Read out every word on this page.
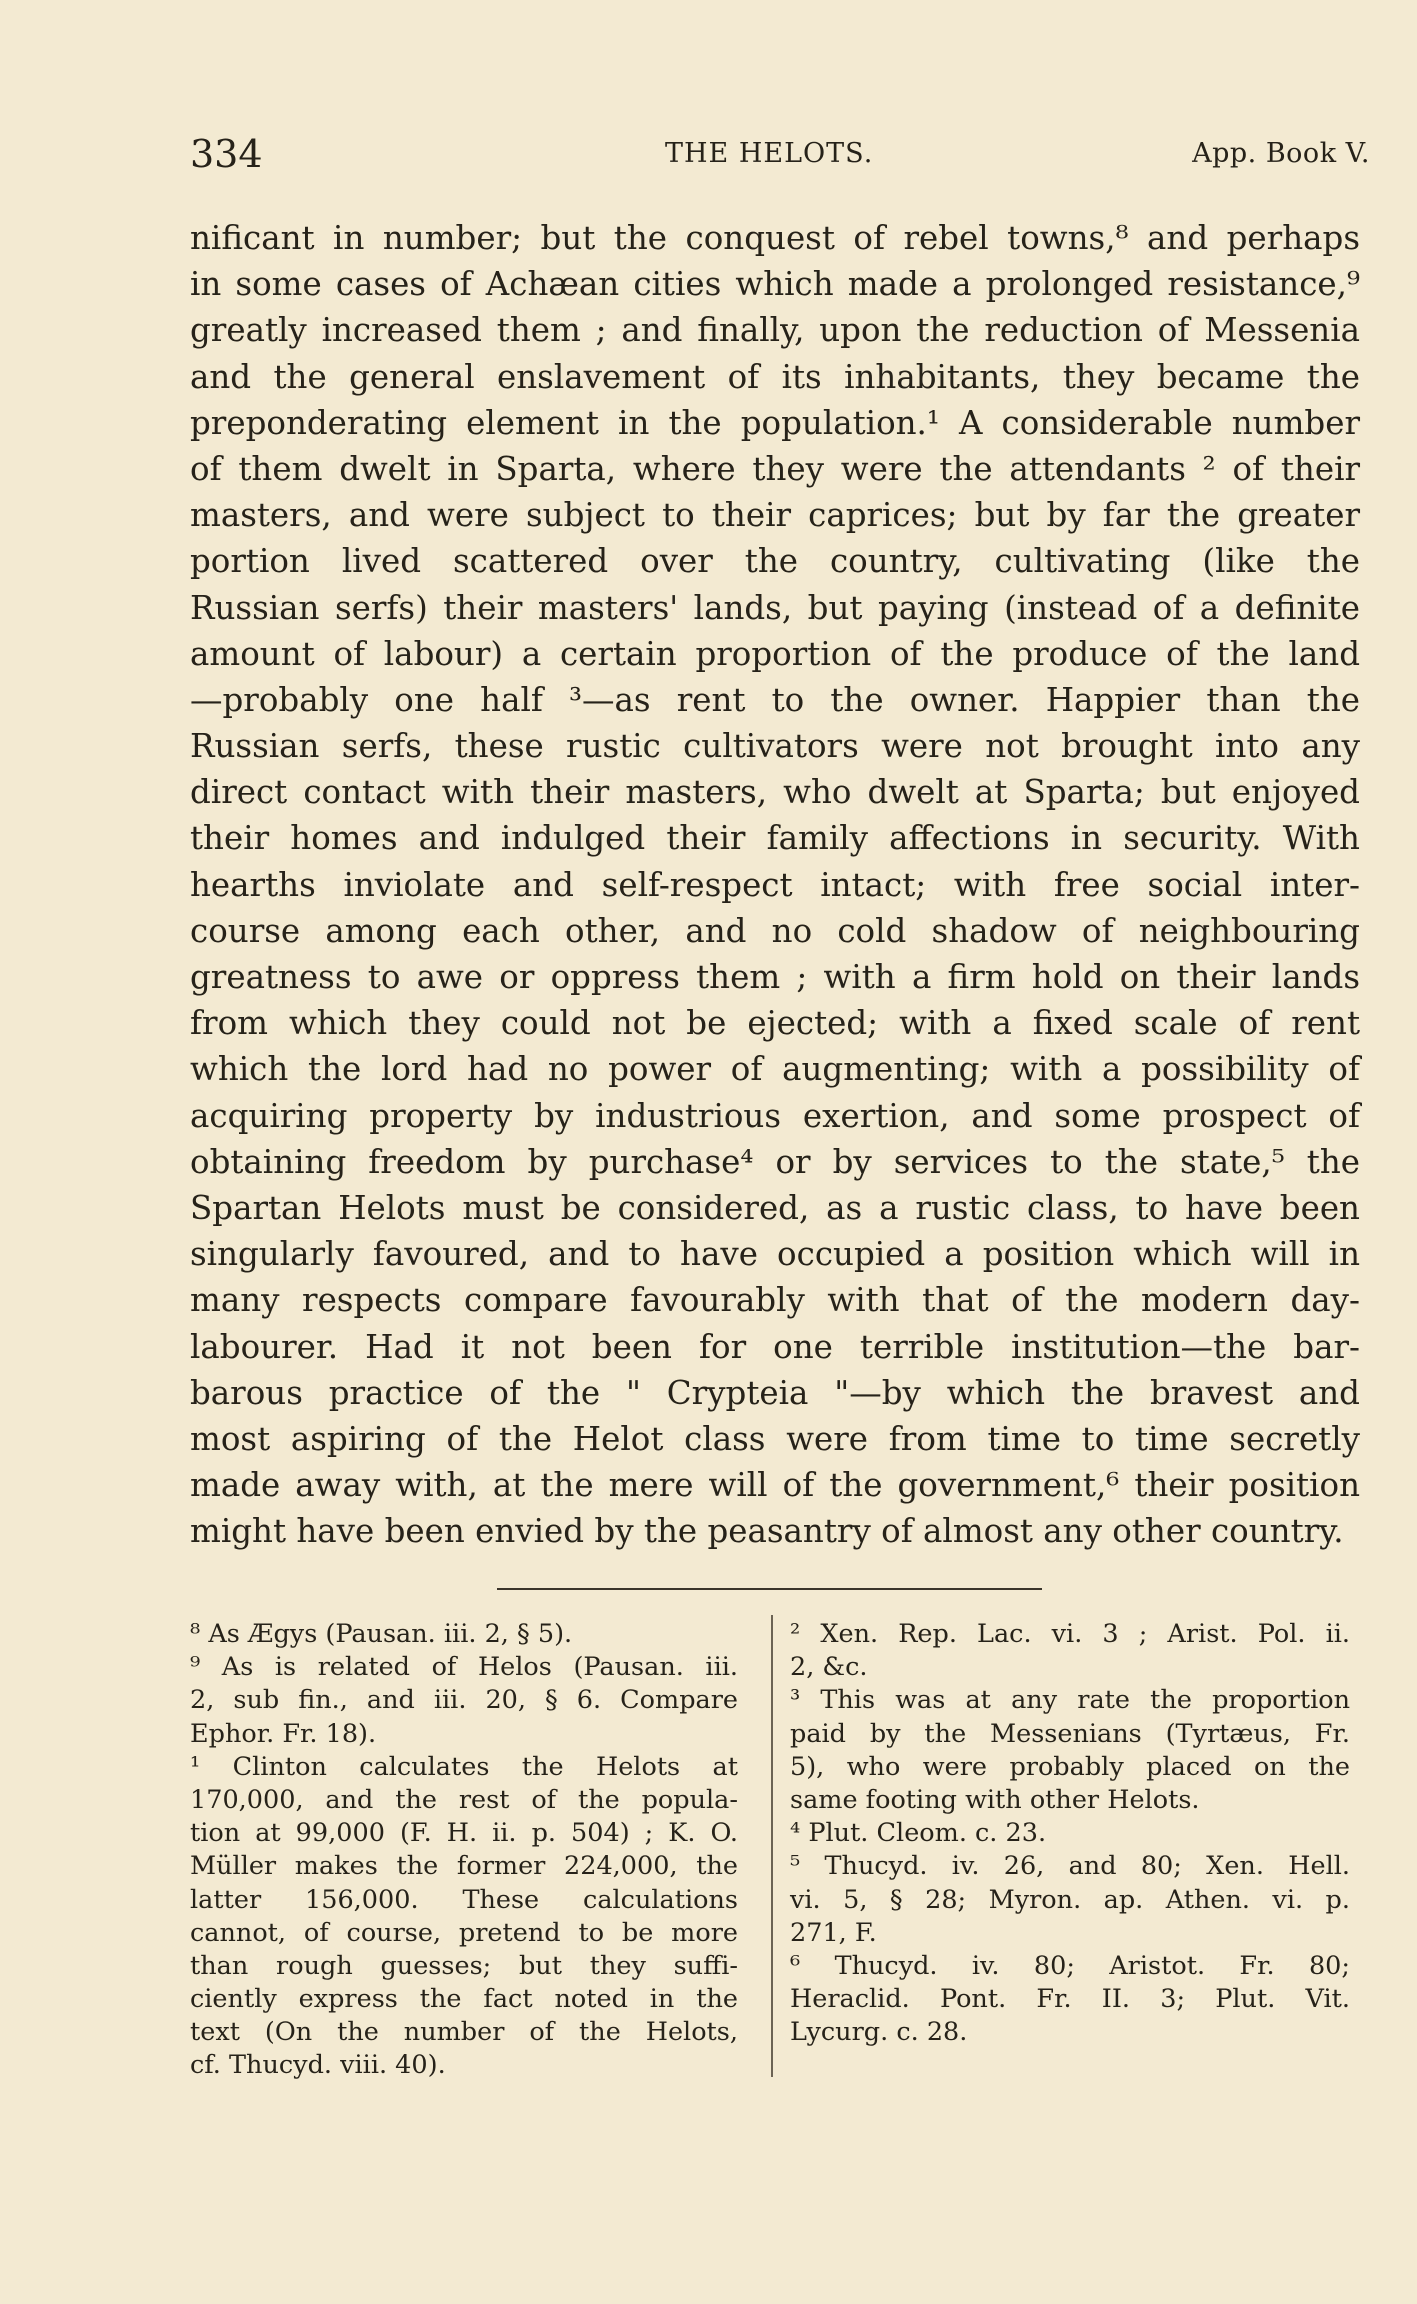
334	THE HELOTS.	App. Book V.
nificant in number; but the conquest of rebel towns,⁸ and perhaps
in some cases of Achæan cities which made a prolonged resistance,⁹
greatly increased them ; and finally, upon the reduction of Messenia
and the general enslavement of its inhabitants, they became the
preponderating element in the population.¹ A considerable number
of them dwelt in Sparta, where they were the attendants ² of their
masters, and were subject to their caprices; but by far the greater
portion lived scattered over the country, cultivating (like the
Russian serfs) their masters' lands, but paying (instead of a definite
amount of labour) a certain proportion of the produce of the land
—probably one half ³—as rent to the owner. Happier than the
Russian serfs, these rustic cultivators were not brought into any
direct contact with their masters, who dwelt at Sparta; but enjoyed
their homes and indulged their family affections in security. With
hearths inviolate and self-respect intact; with free social inter-
course among each other, and no cold shadow of neighbouring
greatness to awe or oppress them ; with a firm hold on their lands
from which they could not be ejected; with a fixed scale of rent
which the lord had no power of augmenting; with a possibility of
acquiring property by industrious exertion, and some prospect of
obtaining freedom by purchase⁴ or by services to the state,⁵ the
Spartan Helots must be considered, as a rustic class, to have been
singularly favoured, and to have occupied a position which will in
many respects compare favourably with that of the modern day-
labourer. Had it not been for one terrible institution—the bar-
barous practice of the " Crypteia "—by which the bravest and
most aspiring of the Helot class were from time to time secretly
made away with, at the mere will of the government,⁶ their position
might have been envied by the peasantry of almost any other country.
⁸ As Ægys (Pausan. iii. 2, § 5).
⁹ As is related of Helos (Pausan. iii.
2, sub fin., and iii. 20, § 6. Compare
Ephor. Fr. 18).
¹ Clinton calculates the Helots at
170,000, and the rest of the popula-
tion at 99,000 (F. H. ii. p. 504) ; K. O.
Müller makes the former 224,000, the
latter 156,000. These calculations
cannot, of course, pretend to be more
than rough guesses; but they suffi-
ciently express the fact noted in the
text (On the number of the Helots,
cf. Thucyd. viii. 40).
² Xen. Rep. Lac. vi. 3 ; Arist. Pol. ii.
2, &c.
³ This was at any rate the proportion
paid by the Messenians (Tyrtæus, Fr.
5), who were probably placed on the
same footing with other Helots.
⁴ Plut. Cleom. c. 23.
⁵ Thucyd. iv. 26, and 80; Xen. Hell.
vi. 5, § 28; Myron. ap. Athen. vi. p.
271, F.
⁶ Thucyd. iv. 80; Aristot. Fr. 80;
Heraclid. Pont. Fr. II. 3; Plut. Vit.
Lycurg. c. 28.
